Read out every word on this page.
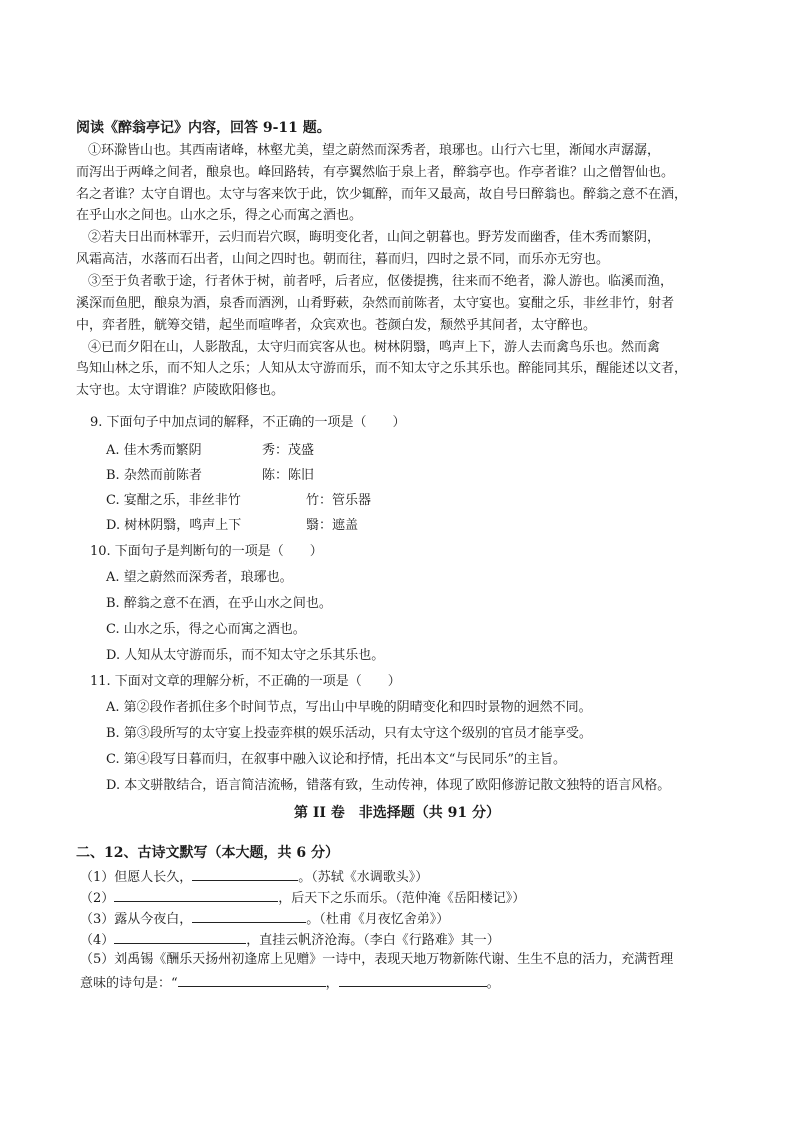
阅读《醉翁亭记》内容，回答 9-11 题。
①环滁皆山也。其西南诸峰，林壑尤美，望之蔚然而深秀者，琅琊也。山行六七里，渐闻水声潺潺，
而泻出于两峰之间者，酿泉也。峰回路转，有亭翼然临于泉上者，醉翁亭也。作亭者谁？山之僧智仙也。
名之者谁？太守自谓也。太守与客来饮于此，饮少辄醉，而年又最高，故自号曰醉翁也。醉翁之意不在酒，
在乎山水之间也。山水之乐，得之心而寓之酒也。
②若夫日出而林霏开，云归而岩穴暝，晦明变化者，山间之朝暮也。野芳发而幽香，佳木秀而繁阴，
风霜高洁，水落而石出者，山间之四时也。朝而往，暮而归，四时之景不同，而乐亦无穷也。
③至于负者歌于途，行者休于树，前者呼，后者应，伛偻提携，往来而不绝者，滁人游也。临溪而渔，
溪深而鱼肥，酿泉为酒，泉香而酒洌，山肴野蔌，杂然而前陈者，太守宴也。宴酣之乐，非丝非竹，射者
中，弈者胜，觥筹交错，起坐而喧哗者，众宾欢也。苍颜白发，颓然乎其间者，太守醉也。
④已而夕阳在山，人影散乱，太守归而宾客从也。树林阴翳，鸣声上下，游人去而禽鸟乐也。然而禽
鸟知山林之乐，而不知人之乐；人知从太守游而乐，而不知太守之乐其乐也。醉能同其乐，醒能述以文者，
太守也。太守谓谁？庐陵欧阳修也。
9. 下面句子中加点词的解释，不正确的一项是（　　）
A. 佳木秀而繁阴	秀：茂盛
B. 杂然而前陈者	陈：陈旧
C. 宴酣之乐，非丝非竹	竹：管乐器
D. 树林阴翳，鸣声上下	翳：遮盖
10. 下面句子是判断句的一项是（　　）
A. 望之蔚然而深秀者，琅琊也。
B. 醉翁之意不在酒，在乎山水之间也。
C. 山水之乐，得之心而寓之酒也。
D. 人知从太守游而乐，而不知太守之乐其乐也。
11. 下面对文章的理解分析，不正确的一项是（　　）
A. 第②段作者抓住多个时间节点，写出山中早晚的阴晴变化和四时景物的迥然不同。
B. 第③段所写的太守宴上投壶弈棋的娱乐活动，只有太守这个级别的官员才能享受。
C. 第④段写日暮而归，在叙事中融入议论和抒情，托出本文“与民同乐”的主旨。
D. 本文骈散结合，语言简洁流畅，错落有致，生动传神，体现了欧阳修游记散文独特的语言风格。
第 II 卷　非选择题（共 91 分）
二、12、古诗文默写（本大题，共 6 分）
（1）但愿人长久，	。（苏轼《水调歌头》）
（2）	，后天下之乐而乐。（范仲淹《岳阳楼记》）
（3）露从今夜白，	。（杜甫《月夜忆舍弟》）
（4）	，直挂云帆济沧海。（李白《行路难》其一）
（5）刘禹锡《酬乐天扬州初逢席上见赠》一诗中，表现天地万物新陈代谢、生生不息的活力，充满哲理
意味的诗句是：“	，	。
